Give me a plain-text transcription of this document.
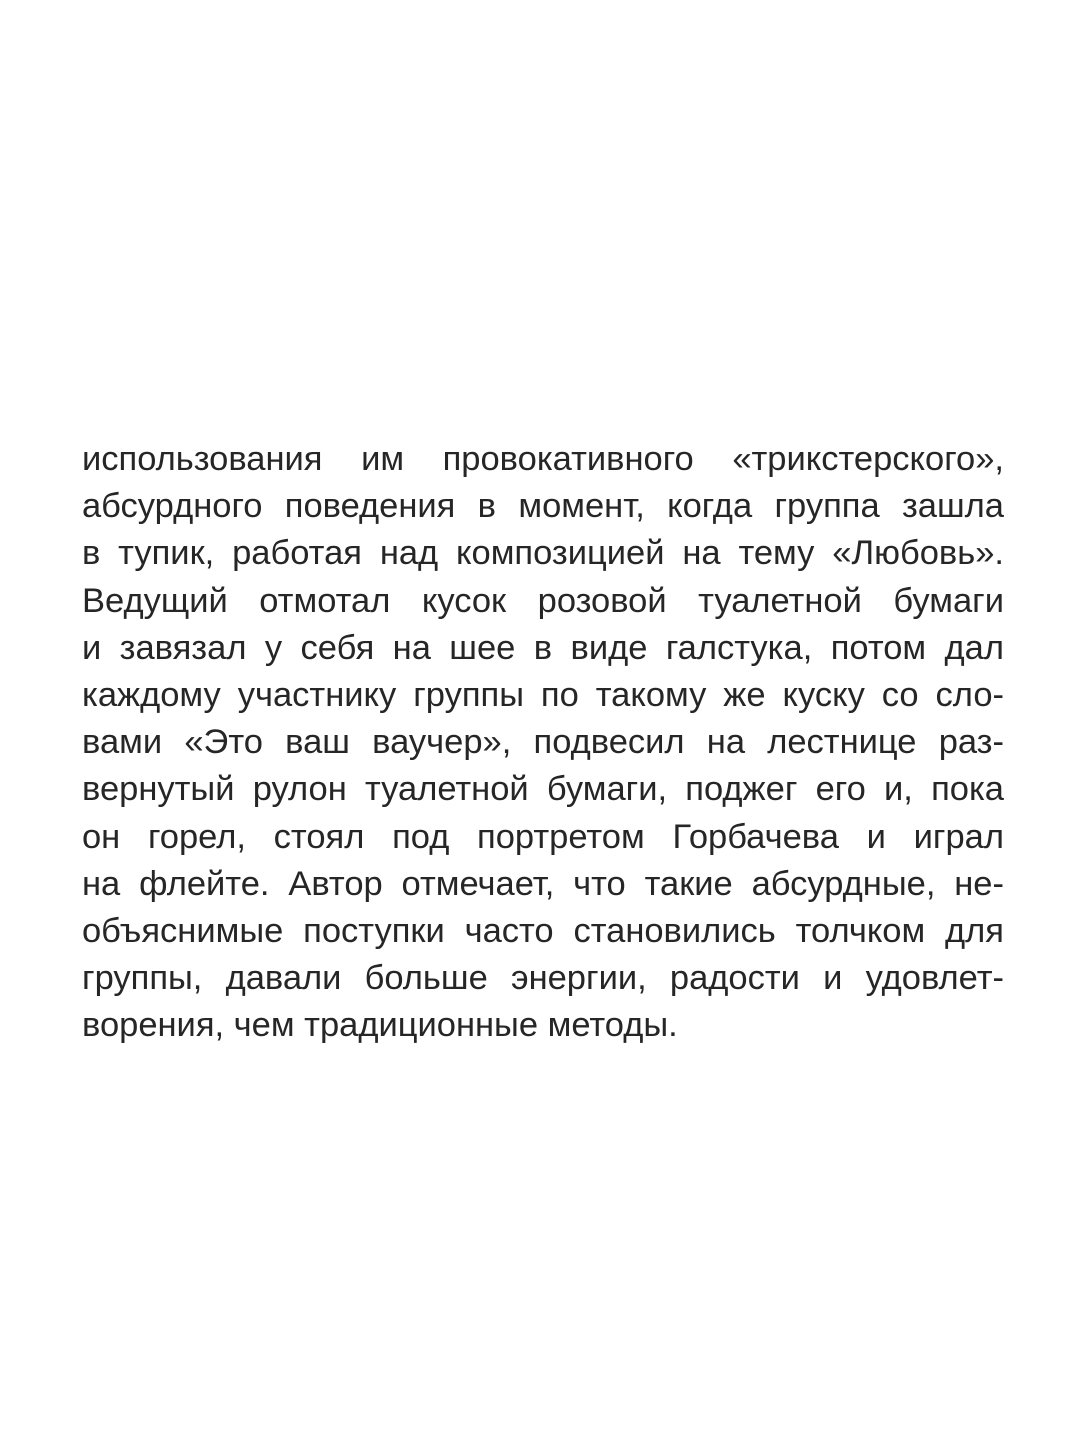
использования им провокативного «трикстерского»,
абсурдного поведения в момент, когда группа зашла
в тупик, работая над композицией на тему «Любовь».
Ведущий отмотал кусок розовой туалетной бумаги
и завязал у себя на шее в виде галстука, потом дал
каждому участнику группы по такому же куску со сло-
вами «Это ваш ваучер», подвесил на лестнице раз-
вернутый рулон туалетной бумаги, поджег его и, пока
он горел, стоял под портретом Горбачева и играл
на флейте. Автор отмечает, что такие абсурдные, не-
объяснимые поступки часто становились толчком для
группы, давали больше энергии, радости и удовлет-
ворения, чем традиционные методы.
